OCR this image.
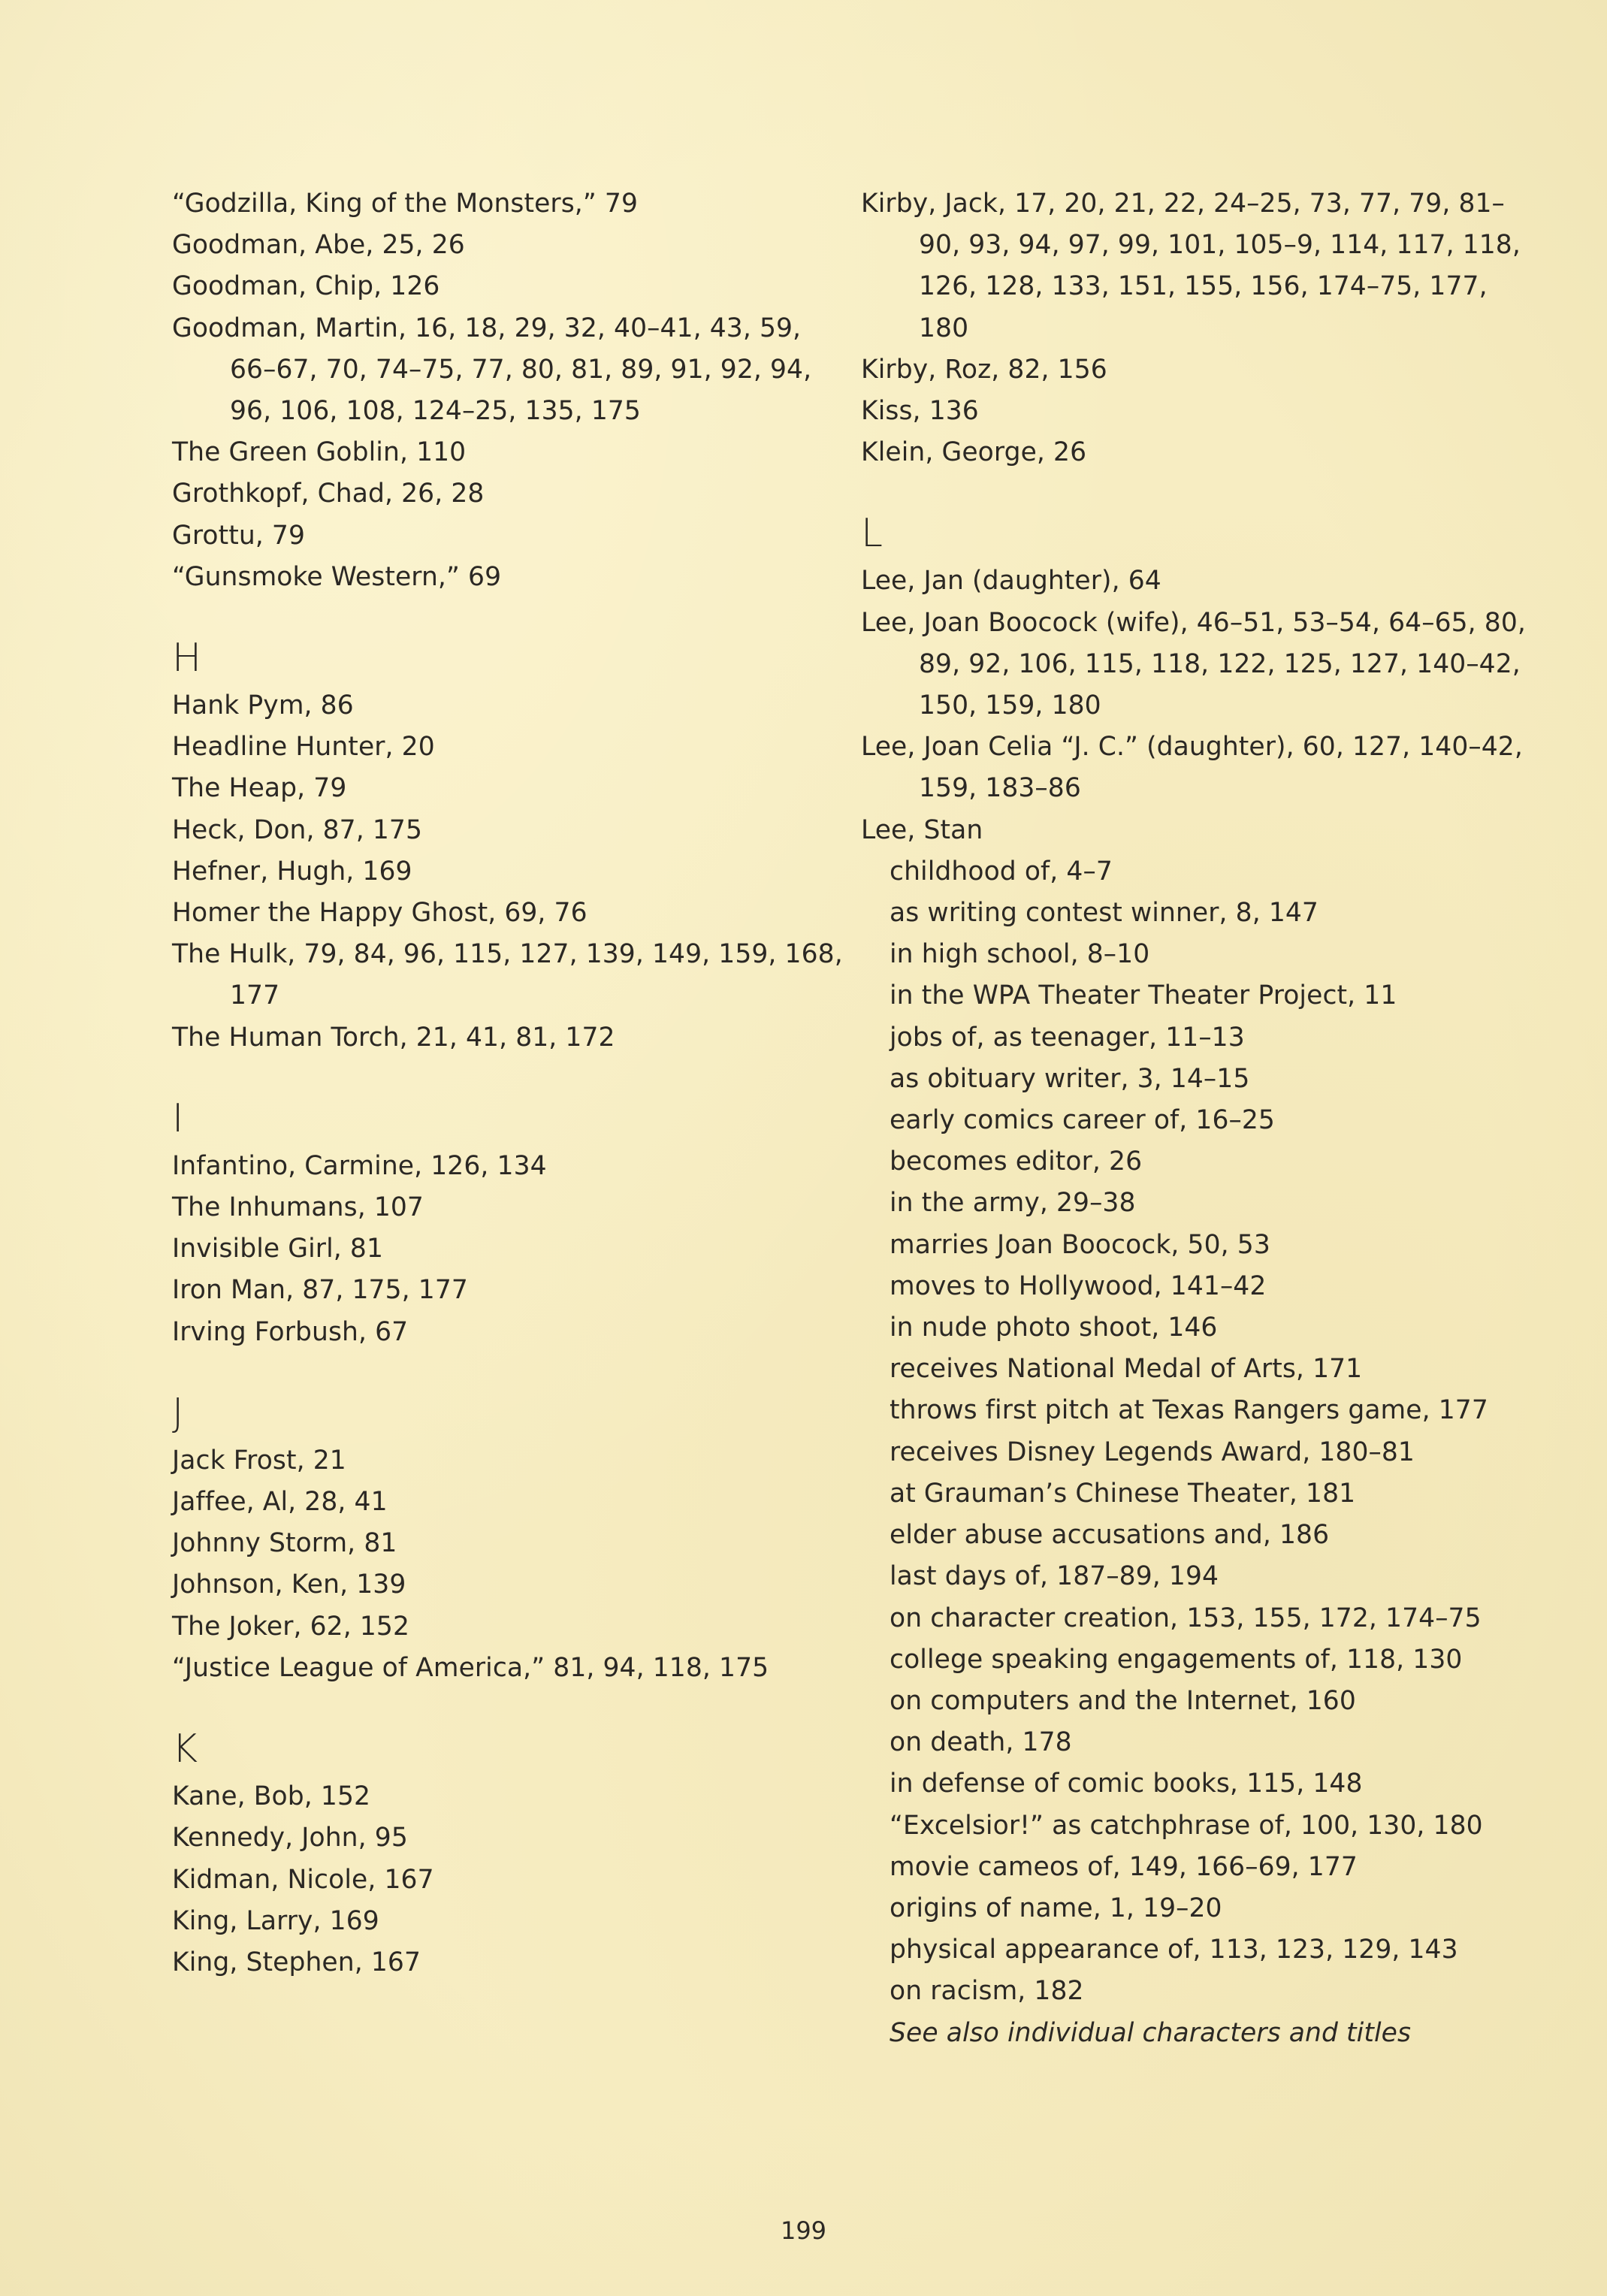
“Godzilla, King of the Monsters,” 79

Goodman, Abe, 25, 26

Goodman, Chip, 126

Goodman, Martin, 16, 18, 29, 32, 40–41, 43, 59, 66–67, 70, 74–75, 77, 80, 81, 89, 91, 92, 94, 96, 106, 108, 124–25, 135, 175

The Green Goblin, 110

Grothkopf, Chad, 26, 28

Grottu, 79

“Gunsmoke Western,” 69

H

Hank Pym, 86

Headline Hunter, 20

The Heap, 79

Heck, Don, 87, 175

Hefner, Hugh, 169

Homer the Happy Ghost, 69, 76

The Hulk, 79, 84, 96, 115, 127, 139, 149, 159, 168, 177

The Human Torch, 21, 41, 81, 172

I

Infantino, Carmine, 126, 134

The Inhumans, 107

Invisible Girl, 81

Iron Man, 87, 175, 177

Irving Forbush, 67

J

Jack Frost, 21

Jaffee, Al, 28, 41

Johnny Storm, 81

Johnson, Ken, 139

The Joker, 62, 152

“Justice League of America,” 81, 94, 118, 175

K

Kane, Bob, 152

Kennedy, John, 95

Kidman, Nicole, 167

King, Larry, 169

King, Stephen, 167

Kirby, Jack, 17, 20, 21, 22, 24–25, 73, 77, 79, 81–90, 93, 94, 97, 99, 101, 105–9, 114, 117, 118, 126, 128, 133, 151, 155, 156, 174–75, 177, 180

Kirby, Roz, 82, 156

Kiss, 136

Klein, George, 26

L

Lee, Jan (daughter), 64

Lee, Joan Boocock (wife), 46–51, 53–54, 64–65, 80, 89, 92, 106, 115, 118, 122, 125, 127, 140–42, 150, 159, 180

Lee, Joan Celia “J. C.” (daughter), 60, 127, 140–42, 159, 183–86

Lee, Stan

childhood of, 4–7

as writing contest winner, 8, 147

in high school, 8–10

in the WPA Theater Theater Project, 11

jobs of, as teenager, 11–13

as obituary writer, 3, 14–15

early comics career of, 16–25

becomes editor, 26

in the army, 29–38

marries Joan Boocock, 50, 53

moves to Hollywood, 141–42

in nude photo shoot, 146

receives National Medal of Arts, 171

throws first pitch at Texas Rangers game, 177

receives Disney Legends Award, 180–81

at Grauman’s Chinese Theater, 181

elder abuse accusations and, 186

last days of, 187–89, 194

on character creation, 153, 155, 172, 174–75

college speaking engagements of, 118, 130

on computers and the Internet, 160

on death, 178

in defense of comic books, 115, 148

“Excelsior!” as catchphrase of, 100, 130, 180

movie cameos of, 149, 166–69, 177

origins of name, 1, 19–20

physical appearance of, 113, 123, 129, 143

on racism, 182

See also individual characters and titles

199
